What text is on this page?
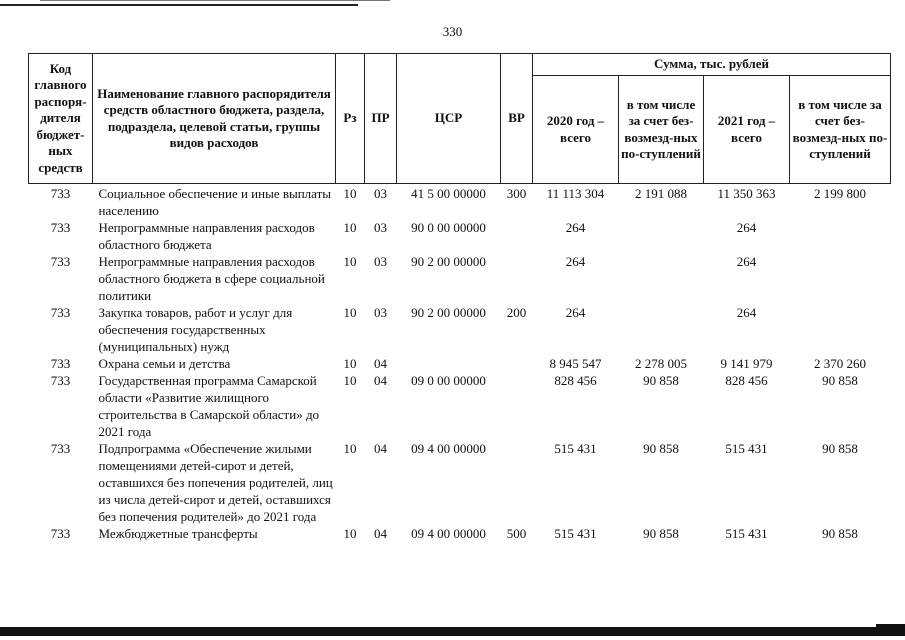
330
Код главного распоря-дителя бюджет-ных средств	Наименование главного распорядителя средств областного бюджета, раздела, подраздела, целевой статьи, группы видов расходов	Рз	ПР	ЦСР	ВР	Сумма, тыс. рублей			
						2020 год – всего	в том числе за счет без-возмезд-ных по-ступлений	2021 год – всего	в том числе за счет без-возмезд-ных по-ступлений
733	Социальное обеспечение и иные выплаты населению	10	03	41 5 00 00000	300	11 113 304	2 191 088	11 350 363	2 199 800
733	Непрограммные направления расходов областного бюджета	10	03	90 0 00 00000		264		264	
733	Непрограммные направления расходов областного бюджета в сфере социальной политики	10	03	90 2 00 00000		264		264	
733	Закупка товаров, работ и услуг для обеспечения государственных (муниципальных) нужд	10	03	90 2 00 00000	200	264		264	
733	Охрана семьи и детства	10	04			8 945 547	2 278 005	9 141 979	2 370 260
733	Государственная программа Самарской области «Развитие жилищного строительства в Самарской области» до 2021 года	10	04	09 0 00 00000		828 456	90 858	828 456	90 858
733	Подпрограмма «Обеспечение жилыми помещениями детей-сирот и детей, оставшихся без попечения родителей, лиц из числа детей-сирот и детей, оставшихся без попечения родителей» до 2021 года	10	04	09 4 00 00000		515 431	90 858	515 431	90 858
733	Межбюджетные трансферты	10	04	09 4 00 00000	500	515 431	90 858	515 431	90 858
